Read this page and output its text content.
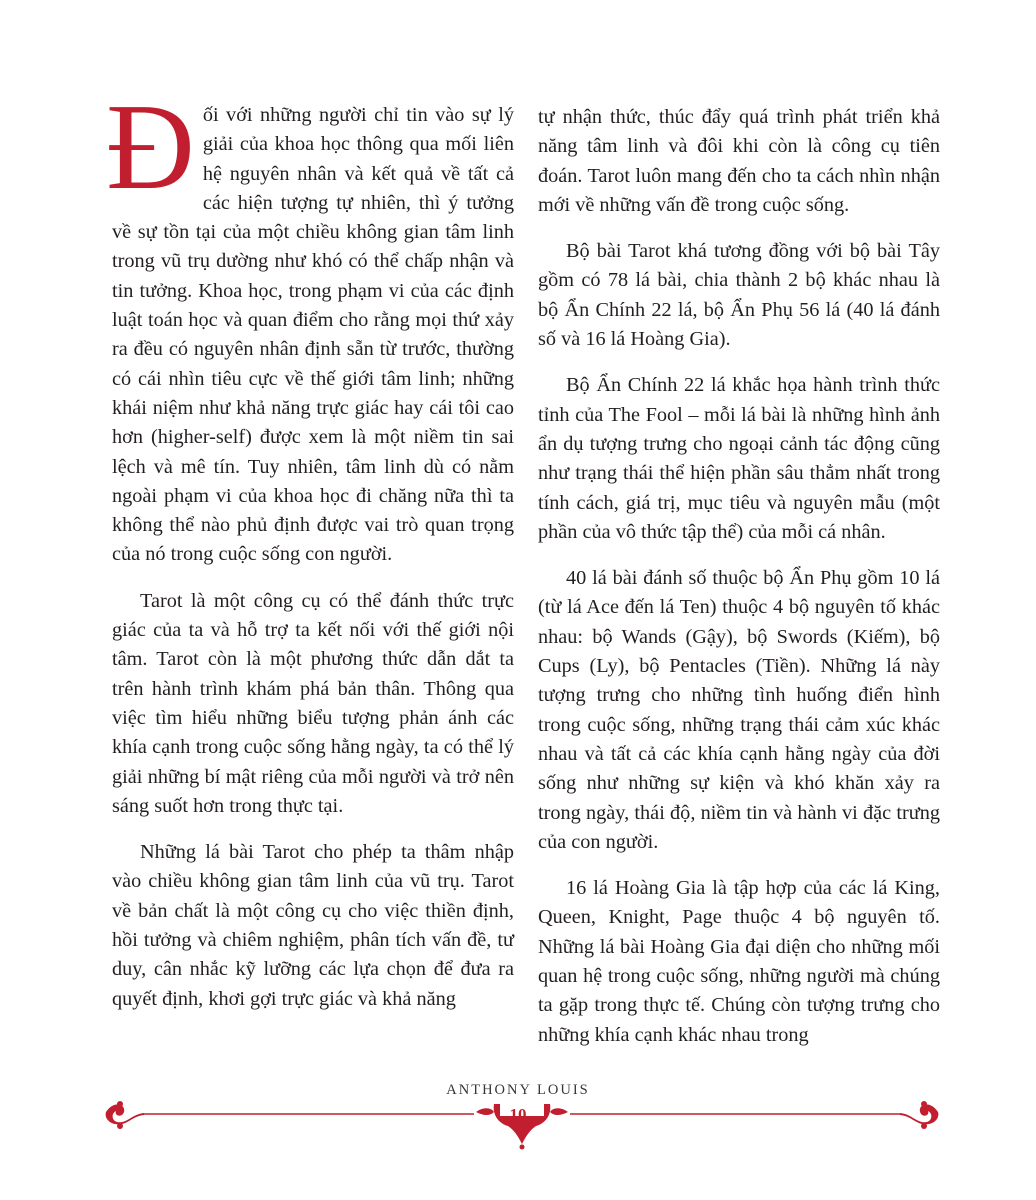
Đối với những người chỉ tin vào sự lý giải của khoa học thông qua mối liên hệ nguyên nhân và kết quả về tất cả các hiện tượng tự nhiên, thì ý tưởng về sự tồn tại của một chiều không gian tâm linh trong vũ trụ dường như khó có thể chấp nhận và tin tưởng. Khoa học, trong phạm vi của các định luật toán học và quan điểm cho rằng mọi thứ xảy ra đều có nguyên nhân định sẵn từ trước, thường có cái nhìn tiêu cực về thế giới tâm linh; những khái niệm như khả năng trực giác hay cái tôi cao hơn (higher-self) được xem là một niềm tin sai lệch và mê tín. Tuy nhiên, tâm linh dù có nằm ngoài phạm vi của khoa học đi chăng nữa thì ta không thể nào phủ định được vai trò quan trọng của nó trong cuộc sống con người.

Tarot là một công cụ có thể đánh thức trực giác của ta và hỗ trợ ta kết nối với thế giới nội tâm. Tarot còn là một phương thức dẫn dắt ta trên hành trình khám phá bản thân. Thông qua việc tìm hiểu những biểu tượng phản ánh các khía cạnh trong cuộc sống hằng ngày, ta có thể lý giải những bí mật riêng của mỗi người và trở nên sáng suốt hơn trong thực tại.

Những lá bài Tarot cho phép ta thâm nhập vào chiều không gian tâm linh của vũ trụ. Tarot về bản chất là một công cụ cho việc thiền định, hồi tưởng và chiêm nghiệm, phân tích vấn đề, tư duy, cân nhắc kỹ lưỡng các lựa chọn để đưa ra quyết định, khơi gợi trực giác và khả năng

tự nhận thức, thúc đẩy quá trình phát triển khả năng tâm linh và đôi khi còn là công cụ tiên đoán. Tarot luôn mang đến cho ta cách nhìn nhận mới về những vấn đề trong cuộc sống.

Bộ bài Tarot khá tương đồng với bộ bài Tây gồm có 78 lá bài, chia thành 2 bộ khác nhau là bộ Ẩn Chính 22 lá, bộ Ẩn Phụ 56 lá (40 lá đánh số và 16 lá Hoàng Gia).

Bộ Ẩn Chính 22 lá khắc họa hành trình thức tỉnh của The Fool – mỗi lá bài là những hình ảnh ẩn dụ tượng trưng cho ngoại cảnh tác động cũng như trạng thái thể hiện phần sâu thẳm nhất trong tính cách, giá trị, mục tiêu và nguyên mẫu (một phần của vô thức tập thể) của mỗi cá nhân.

40 lá bài đánh số thuộc bộ Ẩn Phụ gồm 10 lá (từ lá Ace đến lá Ten) thuộc 4 bộ nguyên tố khác nhau: bộ Wands (Gậy), bộ Swords (Kiếm), bộ Cups (Ly), bộ Pentacles (Tiền). Những lá này tượng trưng cho những tình huống điển hình trong cuộc sống, những trạng thái cảm xúc khác nhau và tất cả các khía cạnh hằng ngày của đời sống như những sự kiện và khó khăn xảy ra trong ngày, thái độ, niềm tin và hành vi đặc trưng của con người.

16 lá Hoàng Gia là tập hợp của các lá King, Queen, Knight, Page thuộc 4 bộ nguyên tố. Những lá bài Hoàng Gia đại diện cho những mối quan hệ trong cuộc sống, những người mà chúng ta gặp trong thực tế. Chúng còn tượng trưng cho những khía cạnh khác nhau trong

ANTHONY LOUIS
10
